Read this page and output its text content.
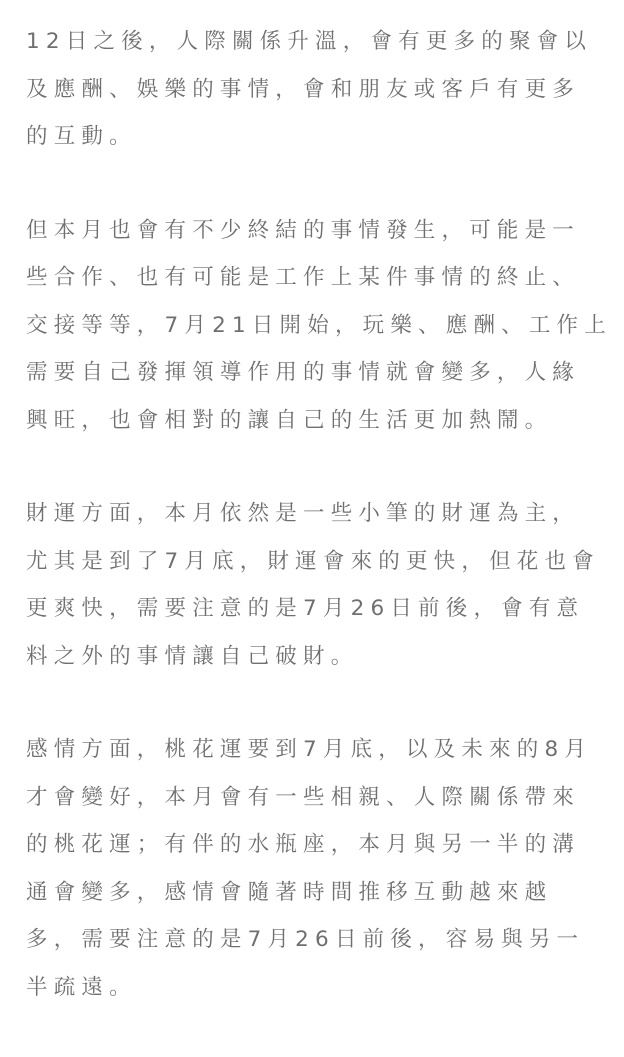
12日之後，人際關係升溫，會有更多的聚會以
及應酬、娛樂的事情，會和朋友或客戶有更多
的互動。

但本月也會有不少終結的事情發生，可能是一
些合作、也有可能是工作上某件事情的終止、
交接等等，7月21日開始，玩樂、應酬、工作上
需要自己發揮領導作用的事情就會變多，人緣
興旺，也會相對的讓自己的生活更加熱鬧。

財運方面，本月依然是一些小筆的財運為主，
尤其是到了7月底，財運會來的更快，但花也會
更爽快，需要注意的是7月26日前後，會有意
料之外的事情讓自己破財。

感情方面，桃花運要到7月底，以及未來的8月
才會變好，本月會有一些相親、人際關係帶來
的桃花運；有伴的水瓶座，本月與另一半的溝
通會變多，感情會隨著時間推移互動越來越
多，需要注意的是7月26日前後，容易與另一
半疏遠。
